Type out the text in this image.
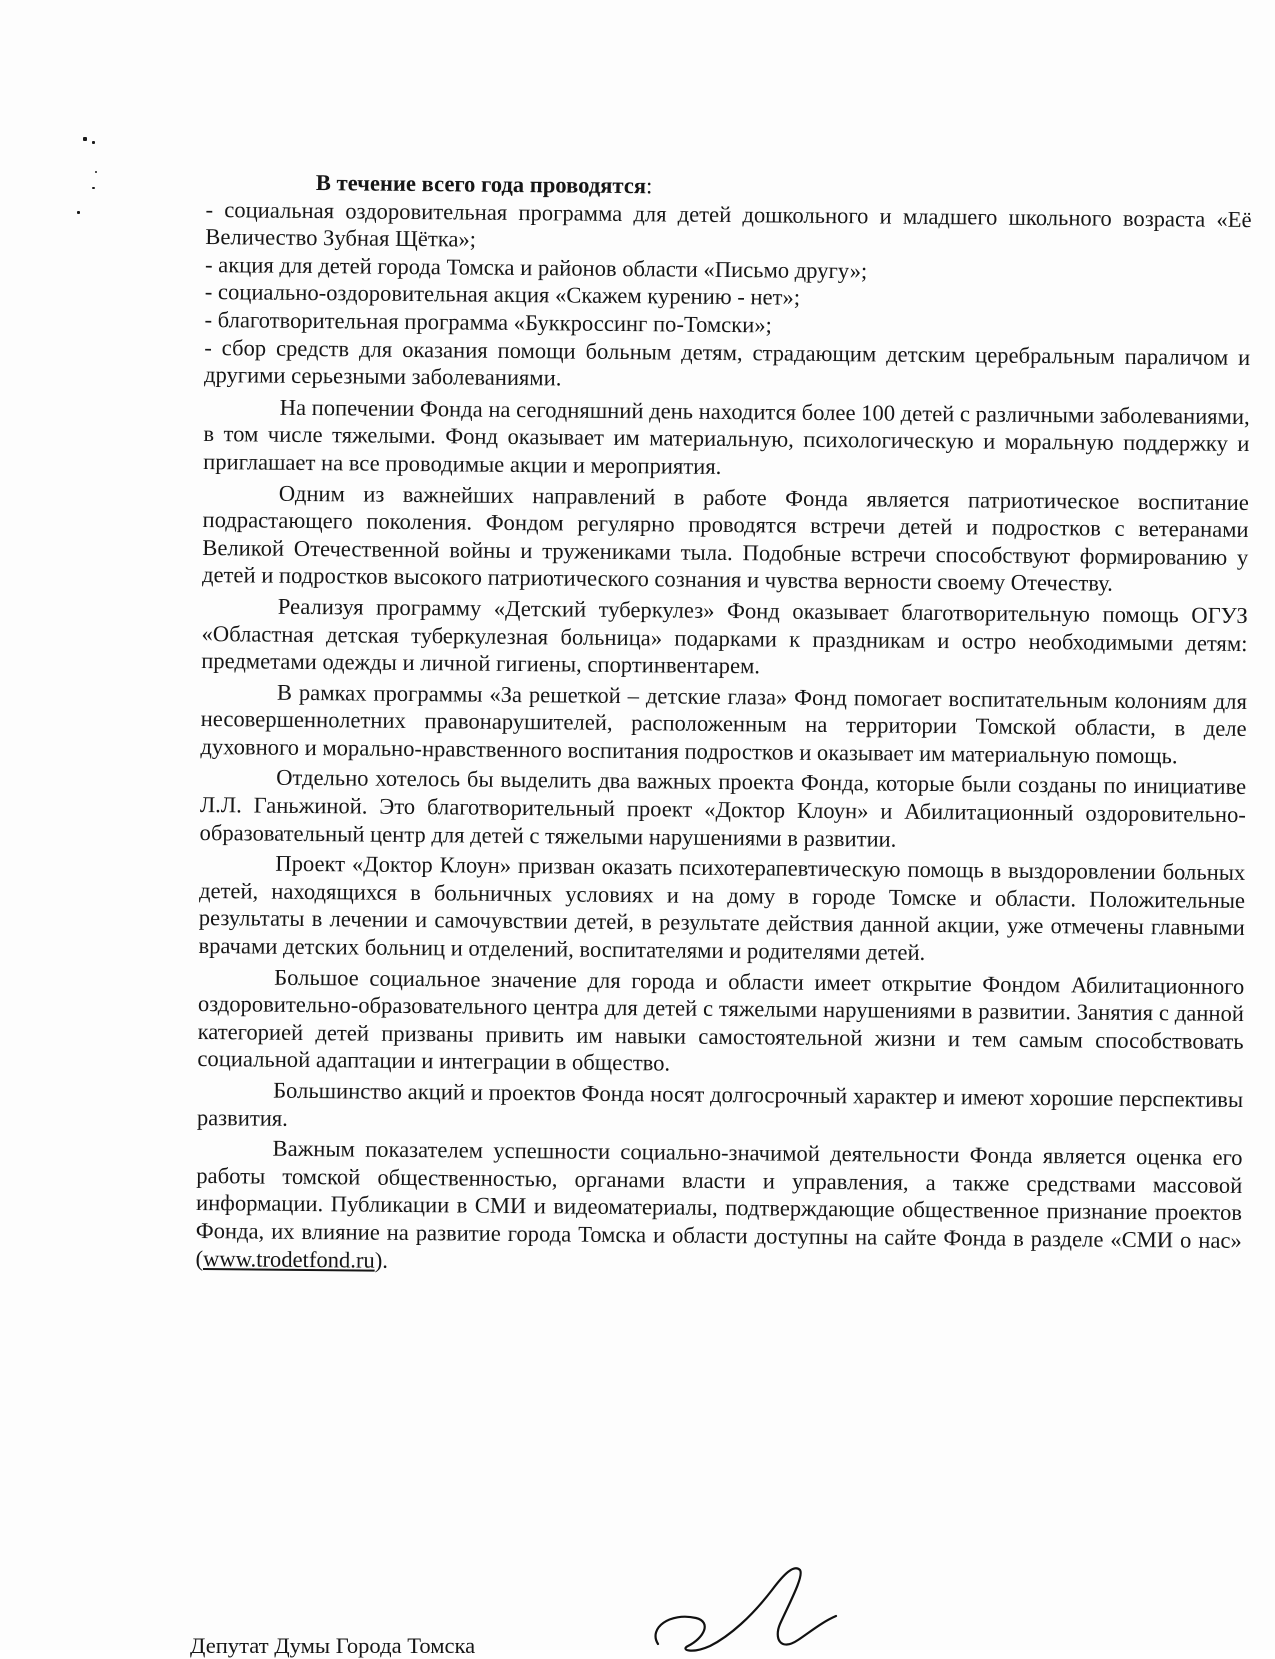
В течение всего года проводятся:
- социальная оздоровительная программа для детей дошкольного и младшего школьного возраста «Её Величество Зубная Щётка»;
- акция для детей города Томска и районов области «Письмо другу»;
- социально-оздоровительная акция «Скажем курению - нет»;
- благотворительная программа «Буккроссинг по-Томски»;
- сбор средств для оказания помощи больным детям, страдающим детским церебральным параличом и другими серьезными заболеваниями.

На попечении Фонда на сегодняшний день находится более 100 детей с различными заболеваниями, в том числе тяжелыми. Фонд оказывает им материальную, психологическую и моральную поддержку и приглашает на все проводимые акции и мероприятия.

Одним из важнейших направлений в работе Фонда является патриотическое воспитание подрастающего поколения. Фондом регулярно проводятся встречи детей и подростков с ветеранами Великой Отечественной войны и тружениками тыла. Подобные встречи способствуют формированию у детей и подростков высокого патриотического сознания и чувства верности своему Отечеству.

Реализуя программу «Детский туберкулез» Фонд оказывает благотворительную помощь ОГУЗ «Областная детская туберкулезная больница» подарками к праздникам и остро необходимыми детям: предметами одежды и личной гигиены, спортинвентарем.

В рамках программы «За решеткой – детские глаза» Фонд помогает воспитательным колониям для несовершеннолетних правонарушителей, расположенным на территории Томской области, в деле духовного и морально-нравственного воспитания подростков и оказывает им материальную помощь.

Отдельно хотелось бы выделить два важных проекта Фонда, которые были созданы по инициативе Л.Л. Ганьжиной. Это благотворительный проект «Доктор Клоун» и Абилитационный оздоровительно-образовательный центр для детей с тяжелыми нарушениями в развитии.

Проект «Доктор Клоун» призван оказать психотерапевтическую помощь в выздоровлении больных детей, находящихся в больничных условиях и на дому в городе Томске и области. Положительные результаты в лечении и самочувствии детей, в результате действия данной акции, уже отмечены главными врачами детских больниц и отделений, воспитателями и родителями детей.

Большое социальное значение для города и области имеет открытие Фондом Абилитационного оздоровительно-образовательного центра для детей с тяжелыми нарушениями в развитии. Занятия с данной категорией детей призваны привить им навыки самостоятельной жизни и тем самым способствовать социальной адаптации и интеграции в общество.

Большинство акций и проектов Фонда носят долгосрочный характер и имеют хорошие перспективы развития.

Важным показателем успешности социально-значимой деятельности Фонда является оценка его работы томской общественностью, органами власти и управления, а также средствами массовой информации. Публикации в СМИ и видеоматериалы, подтверждающие общественное признание проектов Фонда, их влияние на развитие города Томска и области доступны на сайте Фонда в разделе «СМИ о нас» (www.trodetfond.ru).

Депутат Думы Города Томска
